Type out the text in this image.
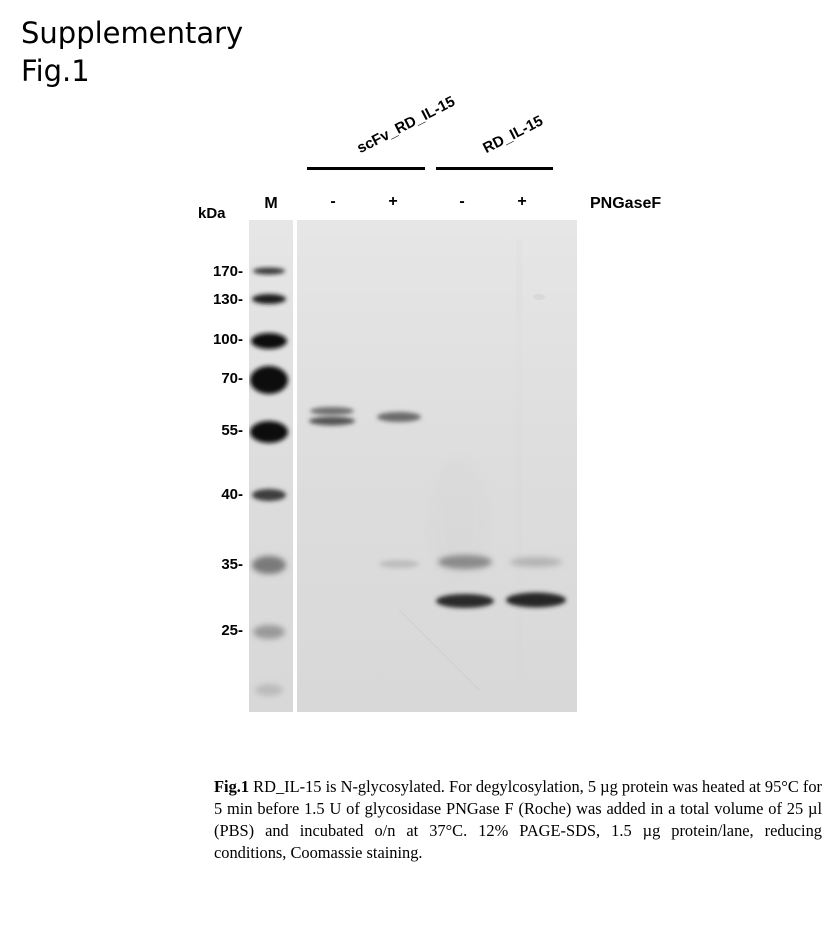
Supplementary
Fig.1
scFv_RD_IL-15 RD_IL-15
kDa
M	-	+	-	+	PNGaseF
170-
130-
100-
70-
55-
40-
35-
25-
Fig.1 RD_IL-15 is N-glycosylated. For degylcosylation, 5 µg protein was heated at 95°C for 5 min before 1.5 U of glycosidase PNGase F (Roche) was added in a total volume of 25 µl (PBS) and incubated o/n at 37°C. 12% PAGE-SDS, 1.5 µg protein/lane, reducing conditions, Coomassie staining.
